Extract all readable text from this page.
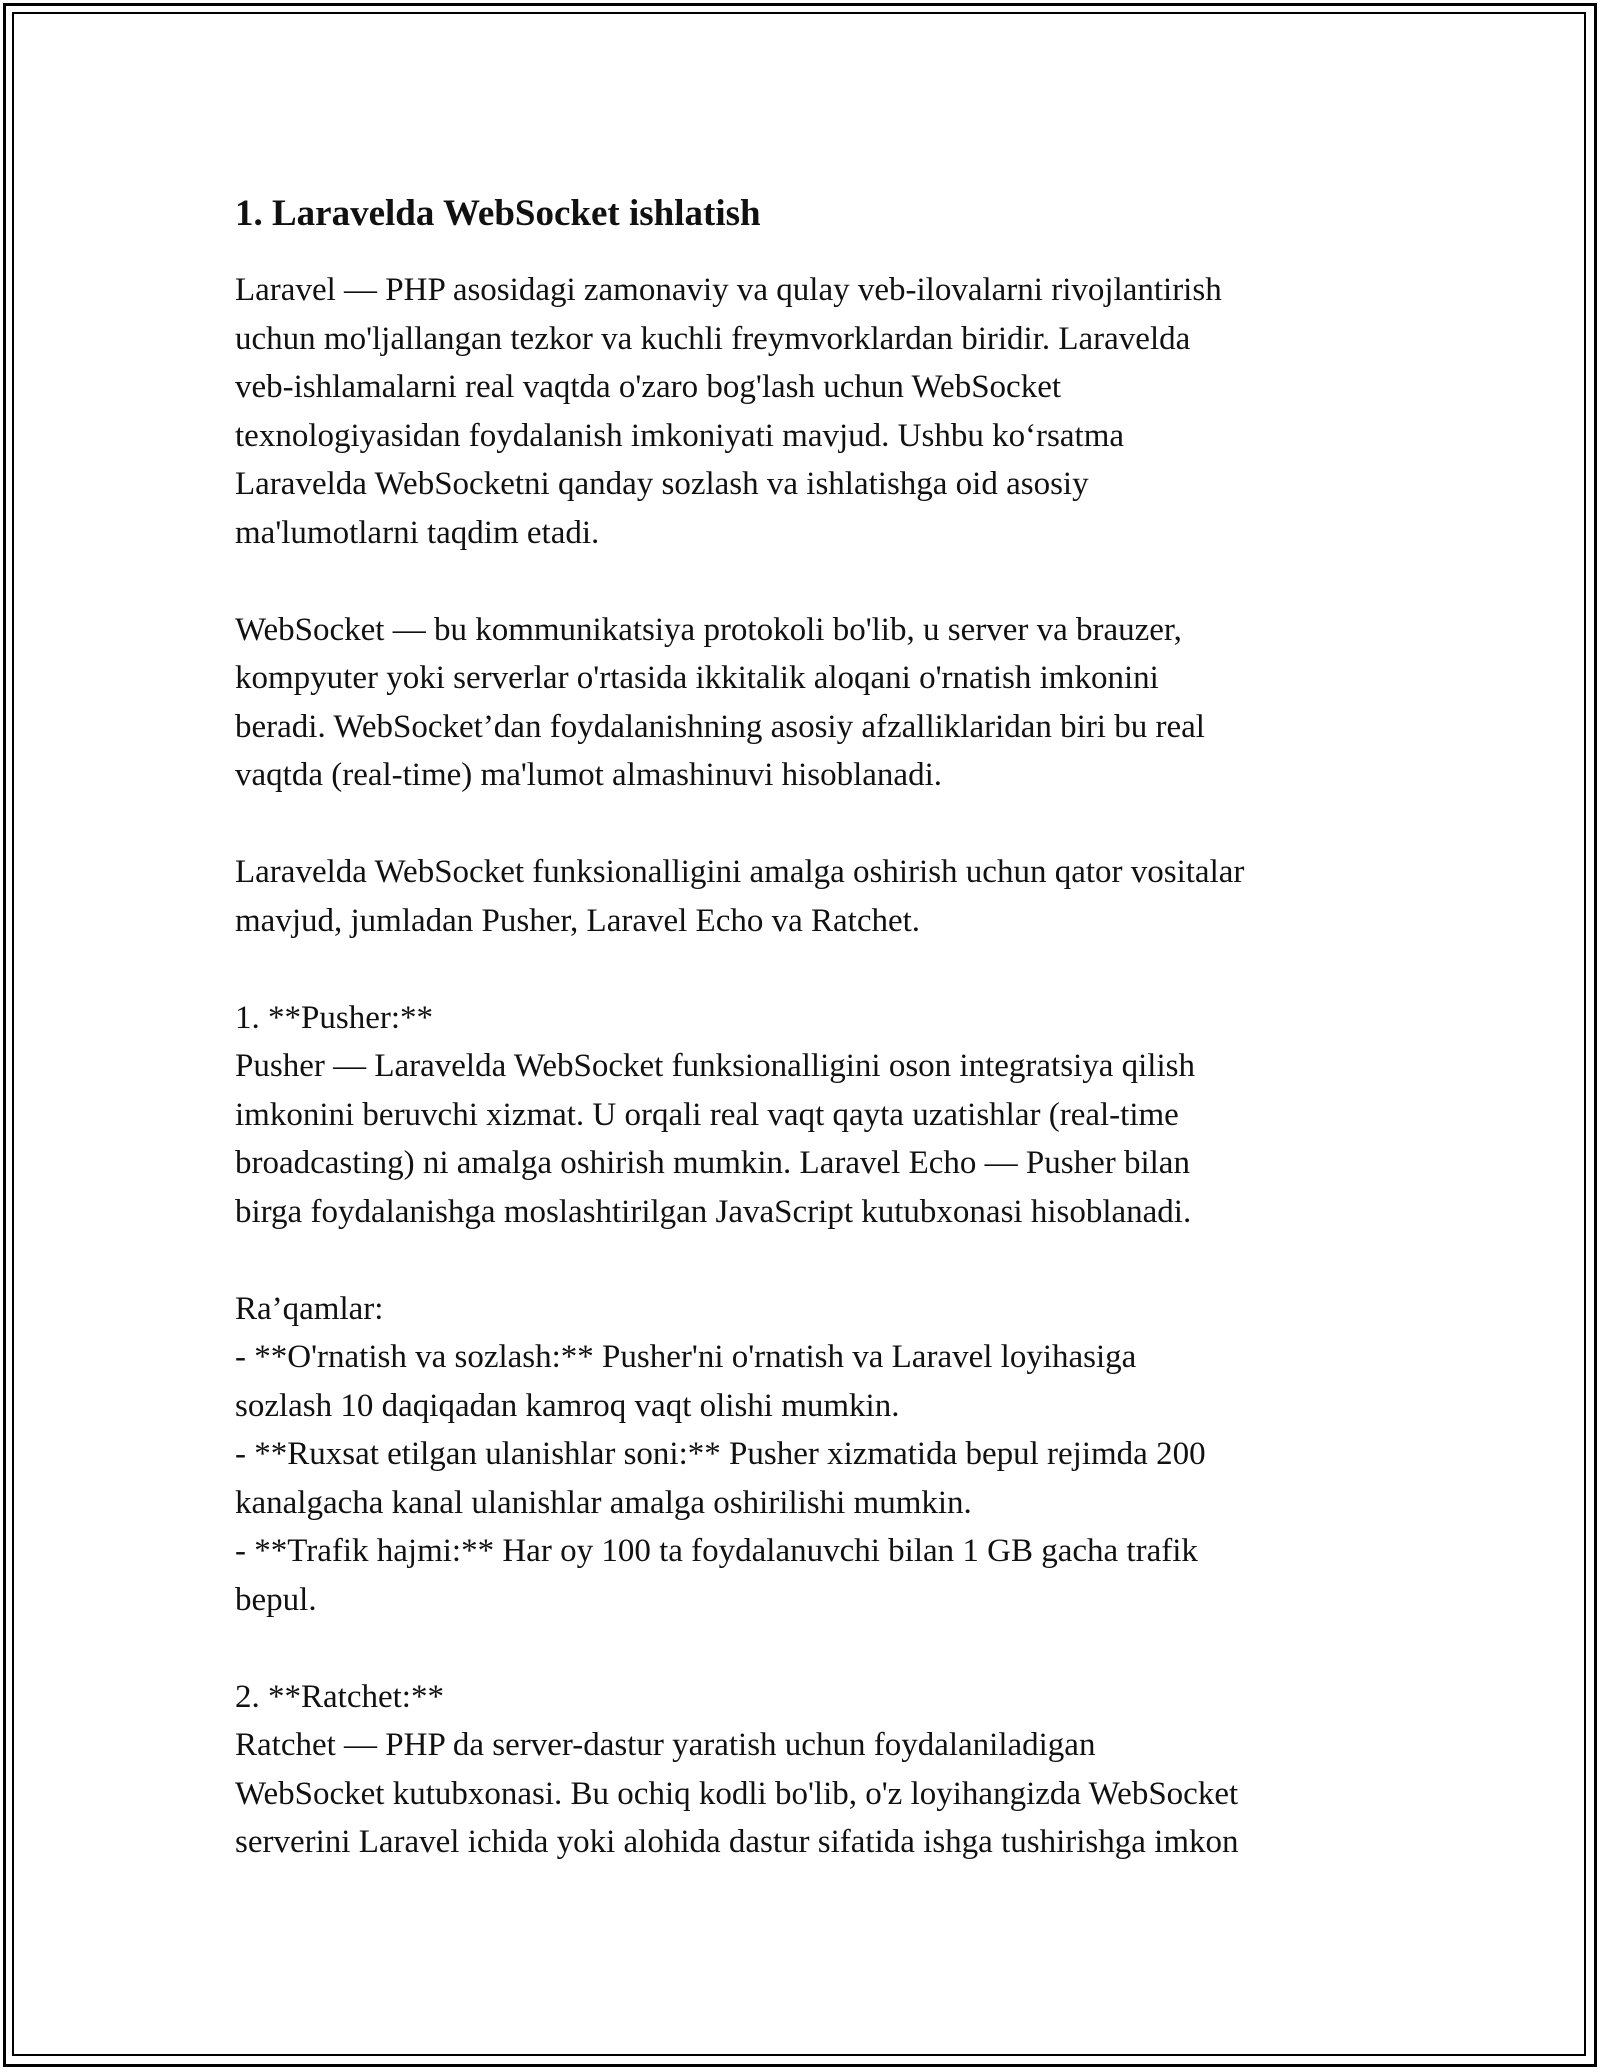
1. Laravelda WebSocket ishlatish

Laravel — PHP asosidagi zamonaviy va qulay veb-ilovalarni rivojlantirish
uchun mo'ljallangan tezkor va kuchli freymvorklardan biridir. Laravelda
veb-ishlamalarni real vaqtda o'zaro bog'lash uchun WebSocket
texnologiyasidan foydalanish imkoniyati mavjud. Ushbu koʻrsatma
Laravelda WebSocketni qanday sozlash va ishlatishga oid asosiy
ma'lumotlarni taqdim etadi.

WebSocket — bu kommunikatsiya protokoli bo'lib, u server va brauzer,
kompyuter yoki serverlar o'rtasida ikkitalik aloqani o'rnatish imkonini
beradi. WebSocket’dan foydalanishning asosiy afzalliklaridan biri bu real
vaqtda (real-time) ma'lumot almashinuvi hisoblanadi.

Laravelda WebSocket funksionalligini amalga oshirish uchun qator vositalar
mavjud, jumladan Pusher, Laravel Echo va Ratchet.

1. **Pusher:**
Pusher — Laravelda WebSocket funksionalligini oson integratsiya qilish
imkonini beruvchi xizmat. U orqali real vaqt qayta uzatishlar (real-time
broadcasting) ni amalga oshirish mumkin. Laravel Echo — Pusher bilan
birga foydalanishga moslashtirilgan JavaScript kutubxonasi hisoblanadi.

Ra’qamlar:
- **O'rnatish va sozlash:** Pusher'ni o'rnatish va Laravel loyihasiga
sozlash 10 daqiqadan kamroq vaqt olishi mumkin.
- **Ruxsat etilgan ulanishlar soni:** Pusher xizmatida bepul rejimda 200
kanalgacha kanal ulanishlar amalga oshirilishi mumkin.
- **Trafik hajmi:** Har oy 100 ta foydalanuvchi bilan 1 GB gacha trafik
bepul.

2. **Ratchet:**
Ratchet — PHP da server-dastur yaratish uchun foydalaniladigan
WebSocket kutubxonasi. Bu ochiq kodli bo'lib, o'z loyihangizda WebSocket
serverini Laravel ichida yoki alohida dastur sifatida ishga tushirishga imkon
